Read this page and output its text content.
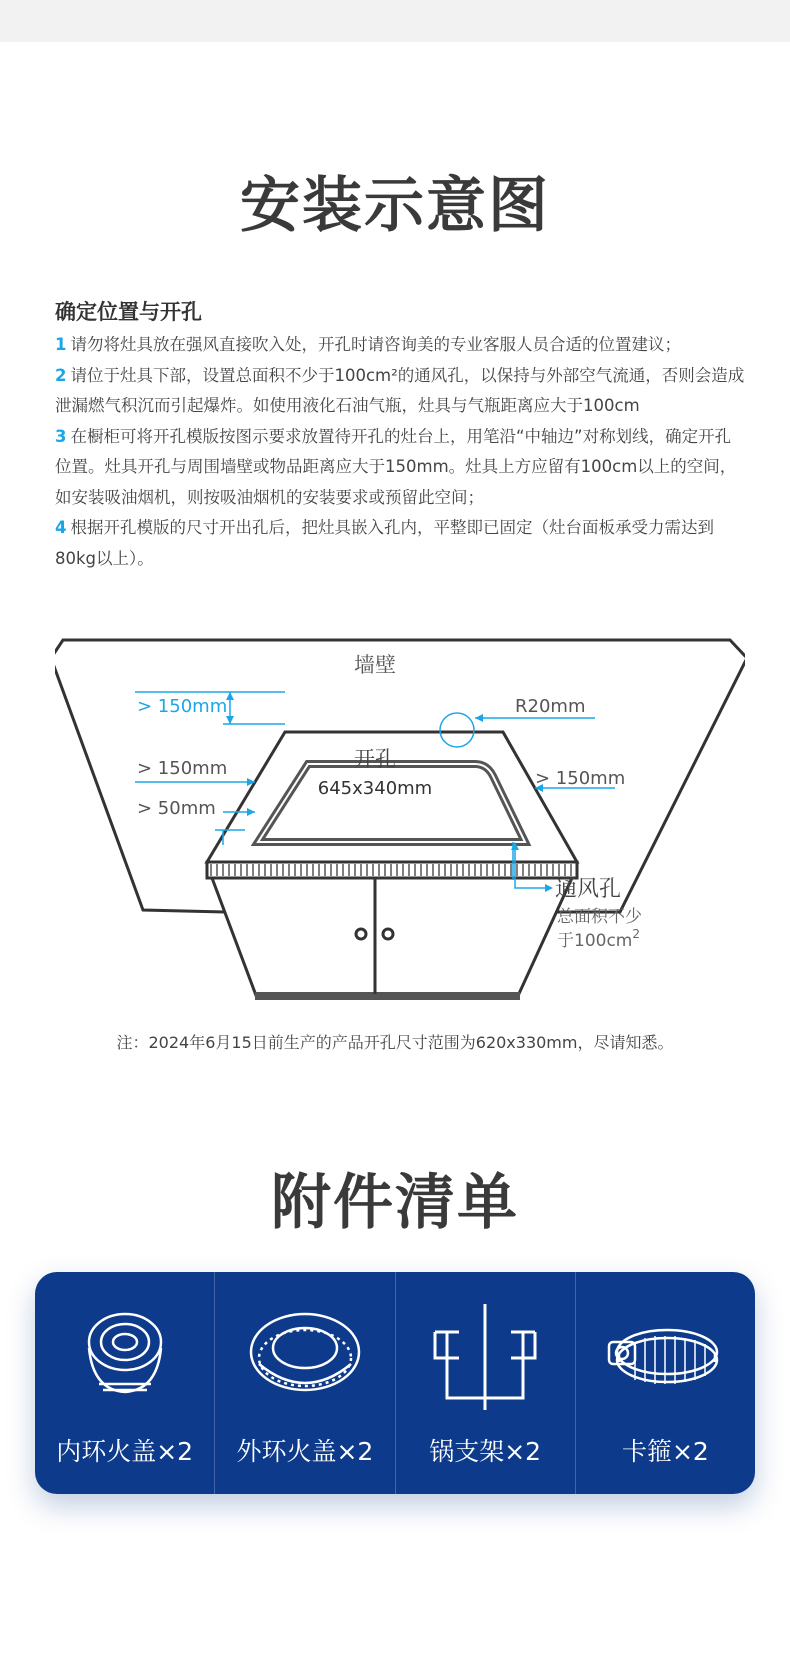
安装示意图
确定位置与开孔

1 请勿将灶具放在强风直接吹入处，开孔时请咨询美的专业客服人员合适的位置建议；

2 请位于灶具下部，设置总面积不少于100cm²的通风孔，以保持与外部空气流通，否则会造成泄漏燃气积沉而引起爆炸。如使用液化石油气瓶，灶具与气瓶距离应大于100cm

3 在橱柜可将开孔模版按图示要求放置待开孔的灶台上，用笔沿“中轴边”对称划线，确定开孔位置。灶具开孔与周围墙壁或物品距离应大于150mm。灶具上方应留有100cm以上的空间，如安装吸油烟机，则按吸油烟机的安装要求或预留此空间；

4 根据开孔模版的尺寸开出孔后，把灶具嵌入孔内，平整即已固定（灶台面板承受力需达到80kg以上）。

墙壁
> 150mm
> 150mm
> 50mm
> 150mm
R20mm
开孔
645x340mm
通风孔
总面积不少
于$100cm^2$
注：2024年6月15日前生产的产品开孔尺寸范围为620x330mm，尽请知悉。
附件清单
内环火盖×2 外环火盖×2 锅支架×2	卡箍×2
